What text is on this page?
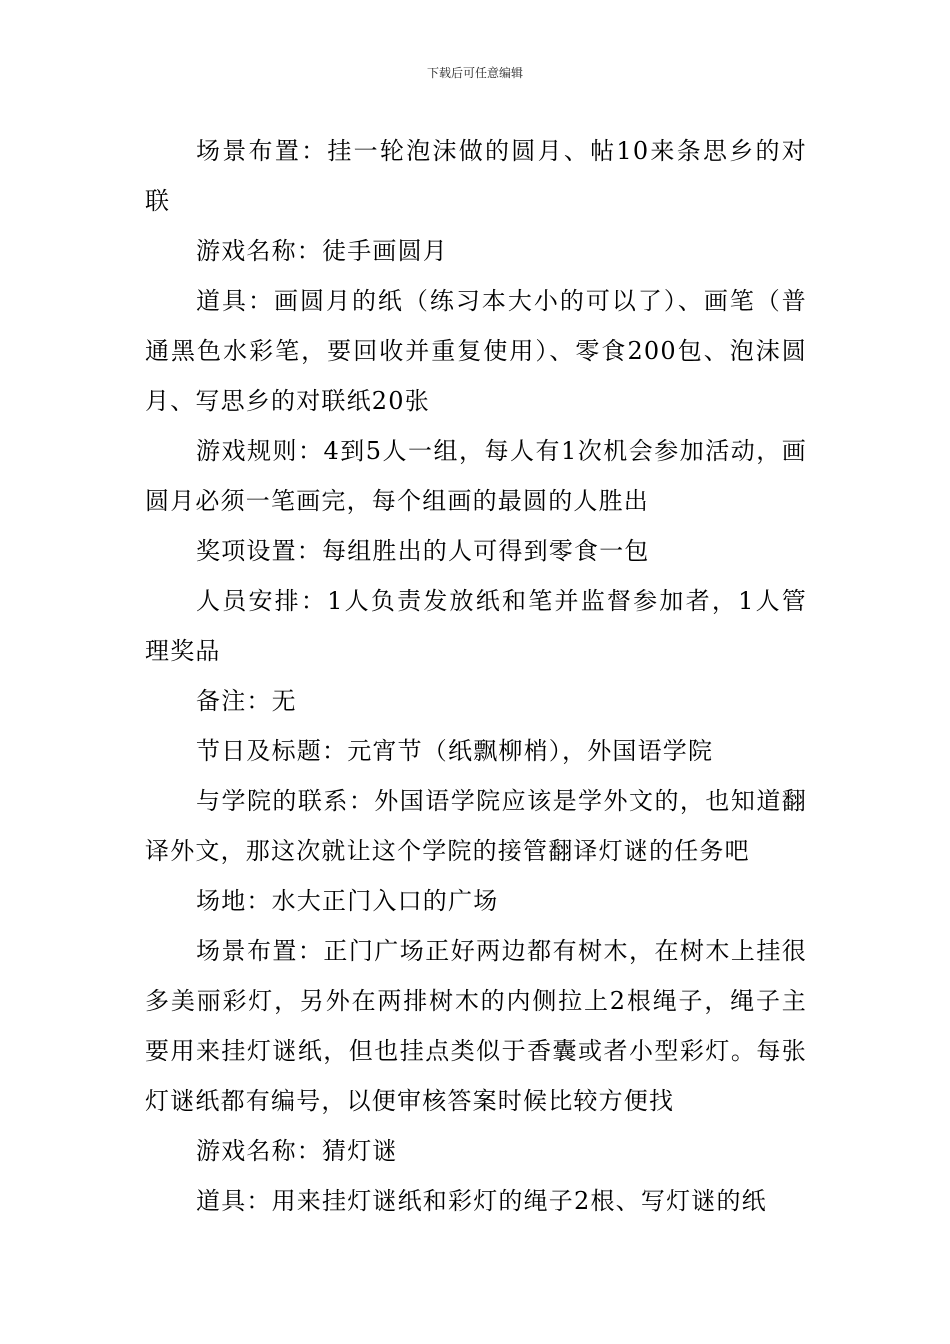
下载后可任意编辑

场景布置：挂一轮泡沫做的圆月、帖10来条思乡的对联

游戏名称：徒手画圆月

道具：画圆月的纸（练习本大小的可以了）、画笔（普通黑色水彩笔，要回收并重复使用）、零食200包、泡沫圆月、写思乡的对联纸20张

游戏规则：4到5人一组，每人有1次机会参加活动，画圆月必须一笔画完，每个组画的最圆的人胜出

奖项设置：每组胜出的人可得到零食一包

人员安排：1人负责发放纸和笔并监督参加者，1人管理奖品

备注：无

节日及标题：元宵节（纸飘柳梢），外国语学院

与学院的联系：外国语学院应该是学外文的，也知道翻译外文，那这次就让这个学院的接管翻译灯谜的任务吧

场地：水大正门入口的广场

场景布置：正门广场正好两边都有树木，在树木上挂很多美丽彩灯，另外在两排树木的内侧拉上2根绳子，绳子主要用来挂灯谜纸，但也挂点类似于香囊或者小型彩灯。每张灯谜纸都有编号，以便审核答案时候比较方便找

游戏名称：猜灯谜

道具：用来挂灯谜纸和彩灯的绳子2根、写灯谜的纸
